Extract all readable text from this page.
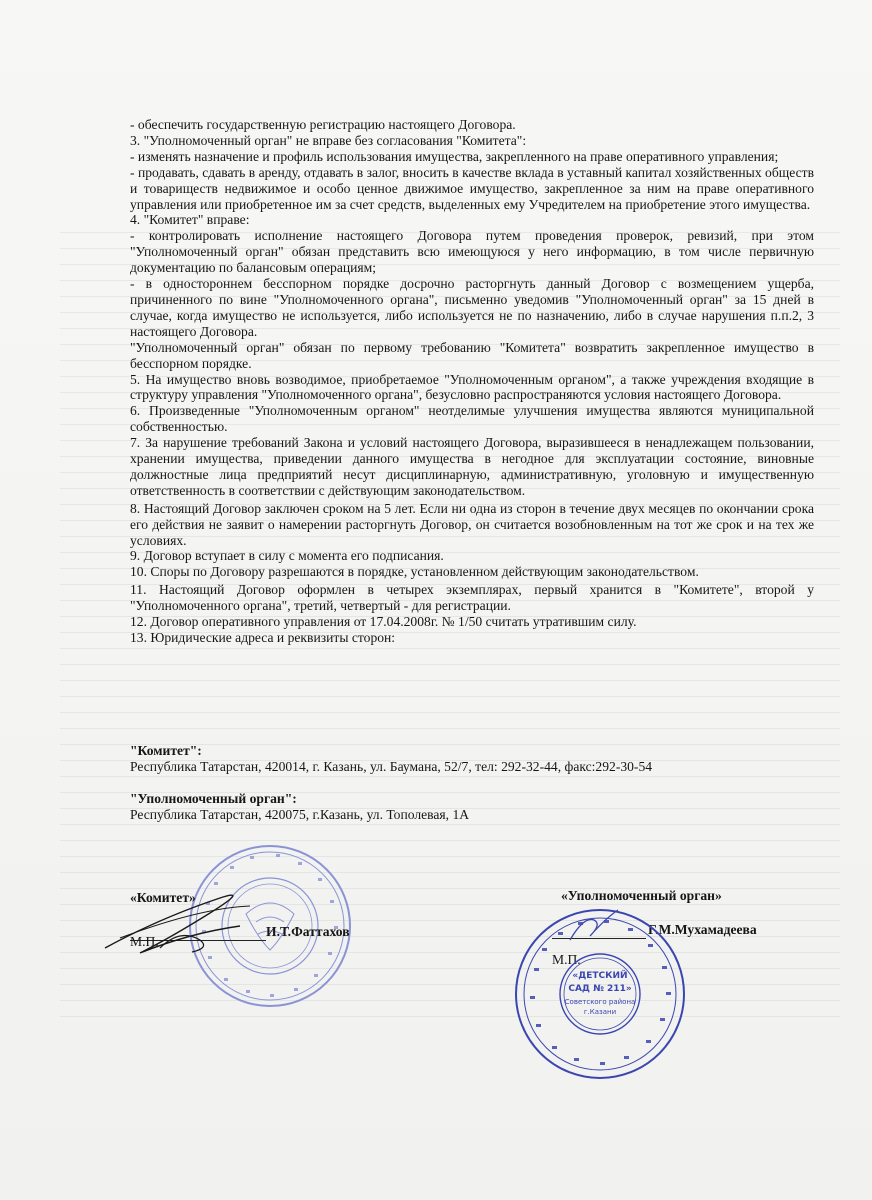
- обеспечить государственную регистрацию настоящего Договора.

3. "Уполномоченный орган" не вправе без согласования "Комитета":

- изменять назначение и профиль использования имущества, закрепленного на праве оперативного управления;

- продавать, сдавать в аренду, отдавать в залог, вносить в качестве вклада в уставный капитал хозяйственных обществ и товариществ недвижимое и особо ценное движимое имущество, закрепленное за ним на праве оперативного управления или приобретенное им за счет средств, выделенных ему Учредителем на приобретение этого имущества.

4. "Комитет" вправе:

- контролировать исполнение настоящего Договора путем проведения проверок, ревизий, при этом "Уполномоченный орган" обязан представить всю имеющуюся у него информацию, в том числе первичную документацию по балансовым операциям;

- в одностороннем бесспорном порядке досрочно расторгнуть данный Договор с возмещением ущерба, причиненного по вине "Уполномоченного органа", письменно уведомив "Уполномоченный орган" за 15 дней в случае, когда имущество не используется, либо используется не по назначению, либо в случае нарушения п.п.2, 3 настоящего Договора.

"Уполномоченный орган" обязан по первому требованию "Комитета" возвратить закрепленное имущество в бесспорном порядке.

5. На имущество вновь возводимое, приобретаемое "Уполномоченным органом", а также учреждения входящие в структуру управления "Уполномоченного органа", безусловно распространяются условия настоящего Договора.

6. Произведенные "Уполномоченным органом" неотделимые улучшения имущества являются муниципальной собственностью.

7. За нарушение требований Закона и условий настоящего Договора, выразившееся в ненадлежащем пользовании, хранении имущества, приведении данного имущества в негодное для эксплуатации состояние, виновные должностные лица предприятий несут дисциплинарную, административную, уголовную и имущественную ответственность в соответствии с действующим законодательством.

8. Настоящий Договор заключен сроком на 5 лет. Если ни одна из сторон в течение двух месяцев по окончании срока его действия не заявит о намерении расторгнуть Договор, он считается возобновленным на тот же срок и на тех же условиях.

9. Договор вступает в силу с момента его подписания.

10. Споры по Договору разрешаются в порядке, установленном действующим законодательством.

11. Настоящий Договор оформлен в четырех экземплярах, первый хранится в "Комитете", второй у "Уполномоченного органа", третий, четвертый - для регистрации.

12. Договор оперативного управления от 17.04.2008г. № 1/50 считать утратившим силу.

13. Юридические адреса и реквизиты сторон:

"Комитет":
Республика Татарстан, 420014, г. Казань, ул. Баумана, 52/7, тел: 292-32-44, факс:292-30-54
"Уполномоченный орган":
Республика Татарстан, 420075, г.Казань, ул. Тополевая, 1А
«Комитет»
И.Т.Фаттахов
М.П.
«Уполномоченный орган»
Г.М.Мухамадеева
М.П.
«ДЕТСКИЙ
САД № 211»
Советского района
г.Казани
